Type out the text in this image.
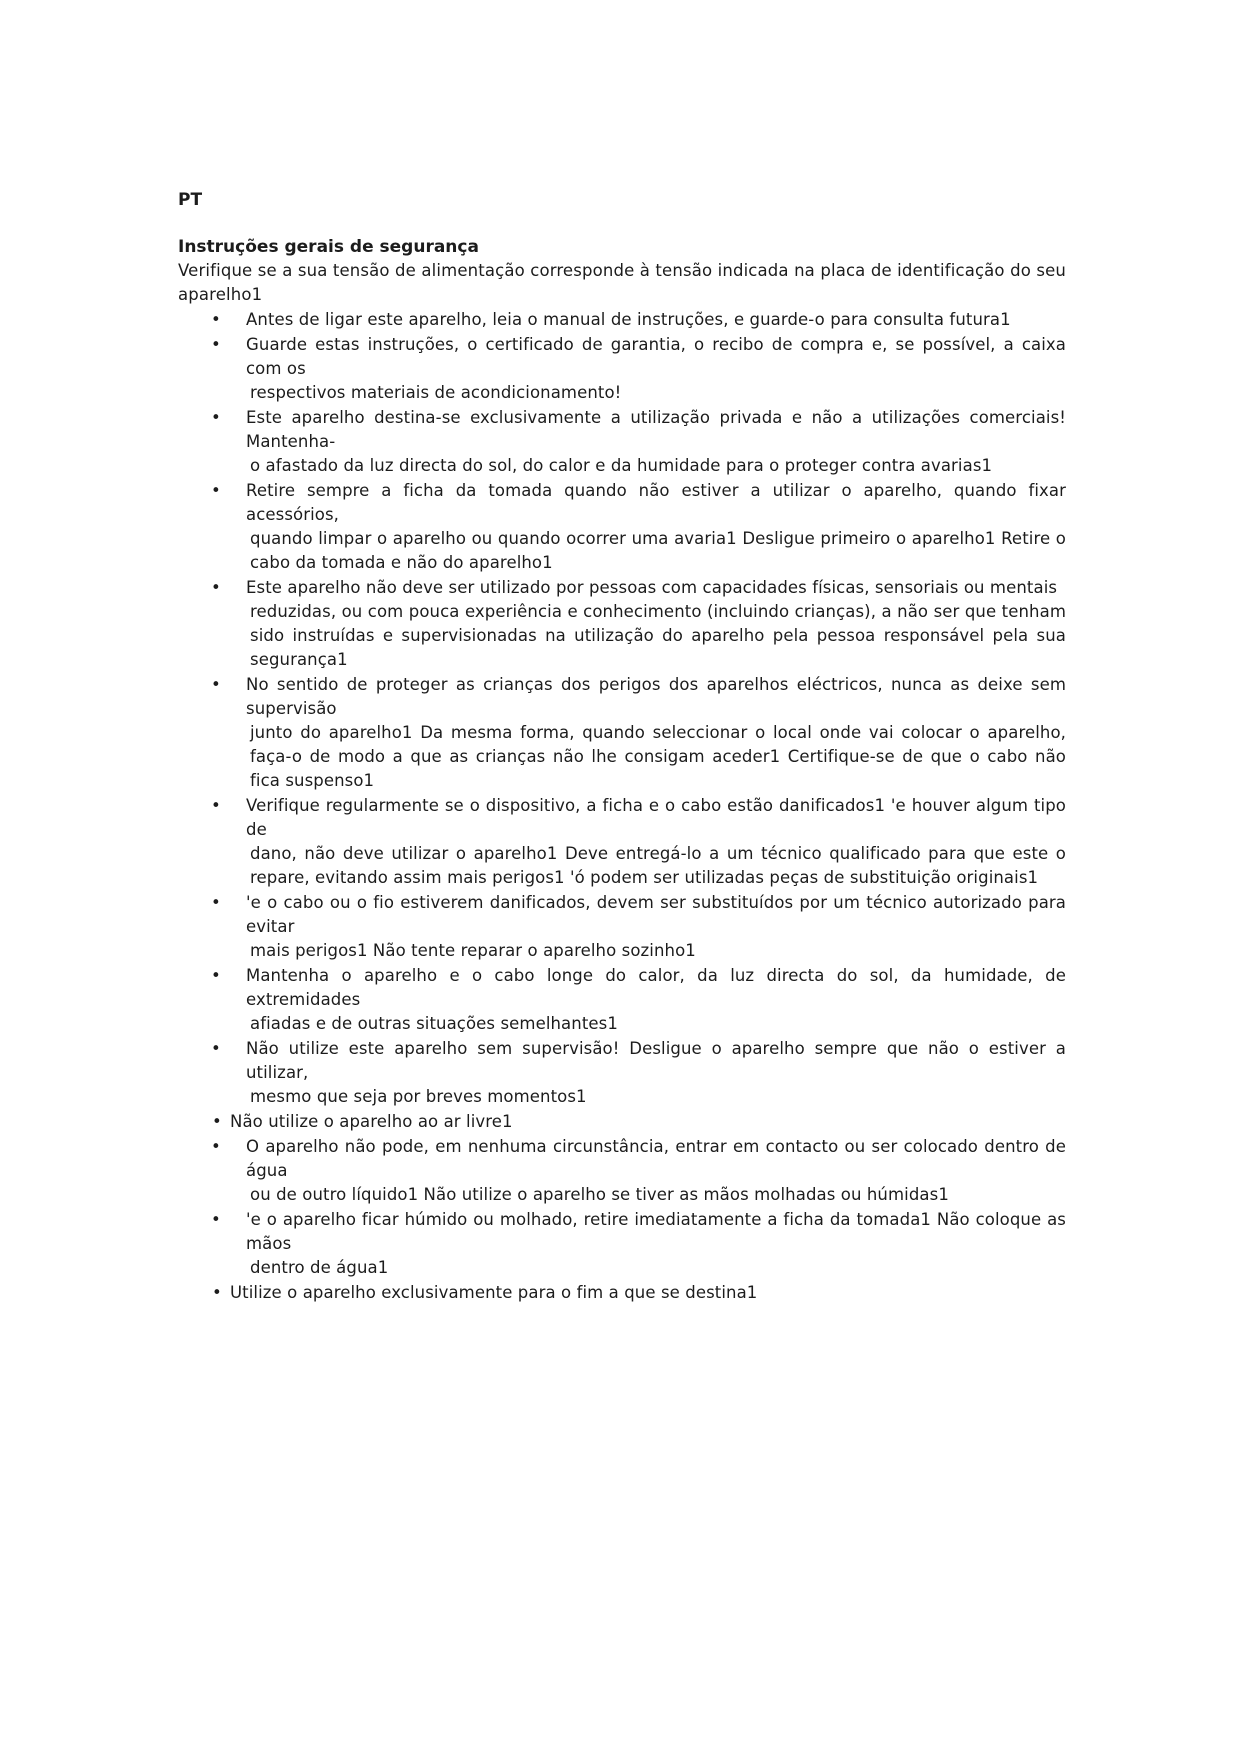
PT

Instruções gerais de segurança

Verifique se a sua tensão de alimentação corresponde à tensão indicada na placa de identificação do seu aparelho1

• Antes de ligar este aparelho, leia o manual de instruções, e guarde-o para consulta futura1
• Guarde estas instruções, o certificado de garantia, o recibo de compra e, se possível, a caixa com os
respectivos materiais de acondicionamento!
• Este aparelho destina-se exclusivamente a utilização privada e não a utilizações comerciais! Mantenha-
o afastado da luz directa do sol, do calor e da humidade para o proteger contra avarias1
• Retire sempre a ficha da tomada quando não estiver a utilizar o aparelho, quando fixar acessórios,
quando limpar o aparelho ou quando ocorrer uma avaria1 Desligue primeiro o aparelho1 Retire o cabo da tomada e não do aparelho1
• Este aparelho não deve ser utilizado por pessoas com capacidades físicas, sensoriais ou mentais
reduzidas, ou com pouca experiência e conhecimento (incluindo crianças), a não ser que tenham sido instruídas e supervisionadas na utilização do aparelho pela pessoa responsável pela sua segurança1
• No sentido de proteger as crianças dos perigos dos aparelhos eléctricos, nunca as deixe sem supervisão
junto do aparelho1 Da mesma forma, quando seleccionar o local onde vai colocar o aparelho, faça-o de modo a que as crianças não lhe consigam aceder1 Certifique-se de que o cabo não fica suspenso1
• Verifique regularmente se o dispositivo, a ficha e o cabo estão danificados1 'e houver algum tipo de
dano, não deve utilizar o aparelho1 Deve entregá-lo a um técnico qualificado para que este o repare, evitando assim mais perigos1 'ó podem ser utilizadas peças de substituição originais1
• 'e o cabo ou o fio estiverem danificados, devem ser substituídos por um técnico autorizado para evitar
mais perigos1 Não tente reparar o aparelho sozinho1
• Mantenha o aparelho e o cabo longe do calor, da luz directa do sol, da humidade, de extremidades
afiadas e de outras situações semelhantes1
• Não utilize este aparelho sem supervisão! Desligue o aparelho sempre que não o estiver a utilizar,
mesmo que seja por breves momentos1
• Não utilize o aparelho ao ar livre1
• O aparelho não pode, em nenhuma circunstância, entrar em contacto ou ser colocado dentro de água
ou de outro líquido1 Não utilize o aparelho se tiver as mãos molhadas ou húmidas1
• 'e o aparelho ficar húmido ou molhado, retire imediatamente a ficha da tomada1 Não coloque as mãos
dentro de água1
• Utilize o aparelho exclusivamente para o fim a que se destina1
